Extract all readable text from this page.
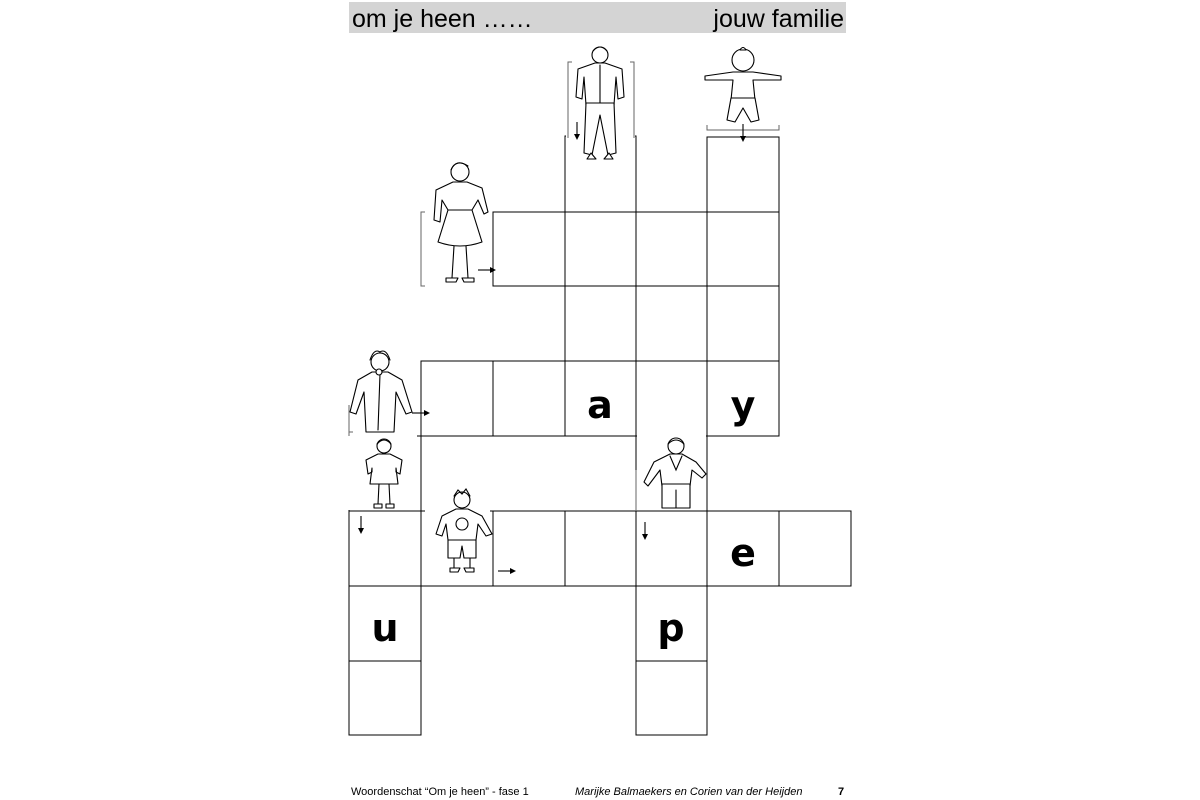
om je heen ……	jouw familie
a	y
e
u	p
Woordenschat “Om je heen” - fase 1	Marijke Balmaekers en Corien van der Heijden	7
